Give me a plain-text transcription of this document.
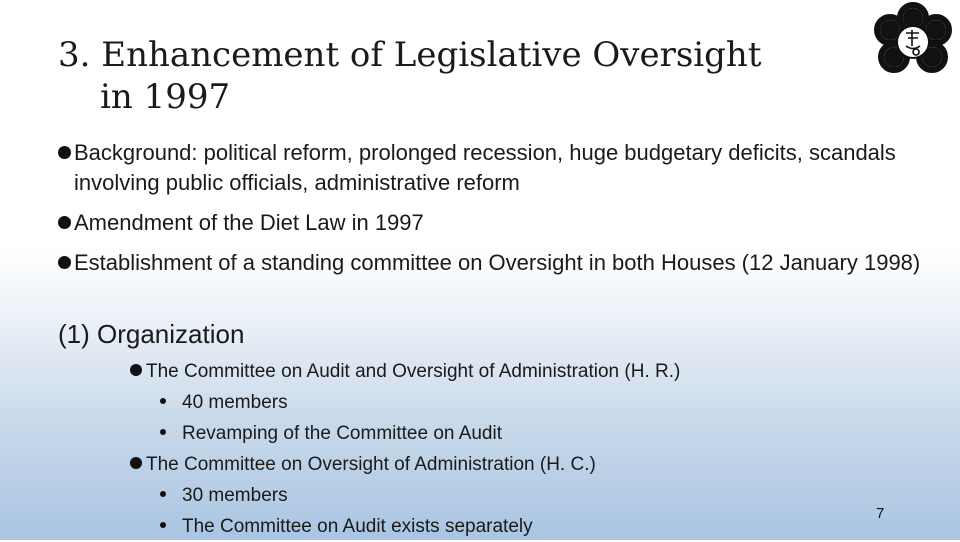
3. Enhancement of Legislative Oversight
in 1997

Background: political reform, prolonged recession, huge budgetary deficits, scandals involving public officials, administrative reform

Amendment of the Diet Law in 1997

Establishment of a standing committee on Oversight in both Houses (12 January 1998)

(1) Organization

The Committee on Audit and Oversight of Administration (H. R.)

40 members

Revamping of the Committee on Audit

The Committee on Oversight of Administration (H. C.)

30 members

The Committee on Audit exists separately

7
